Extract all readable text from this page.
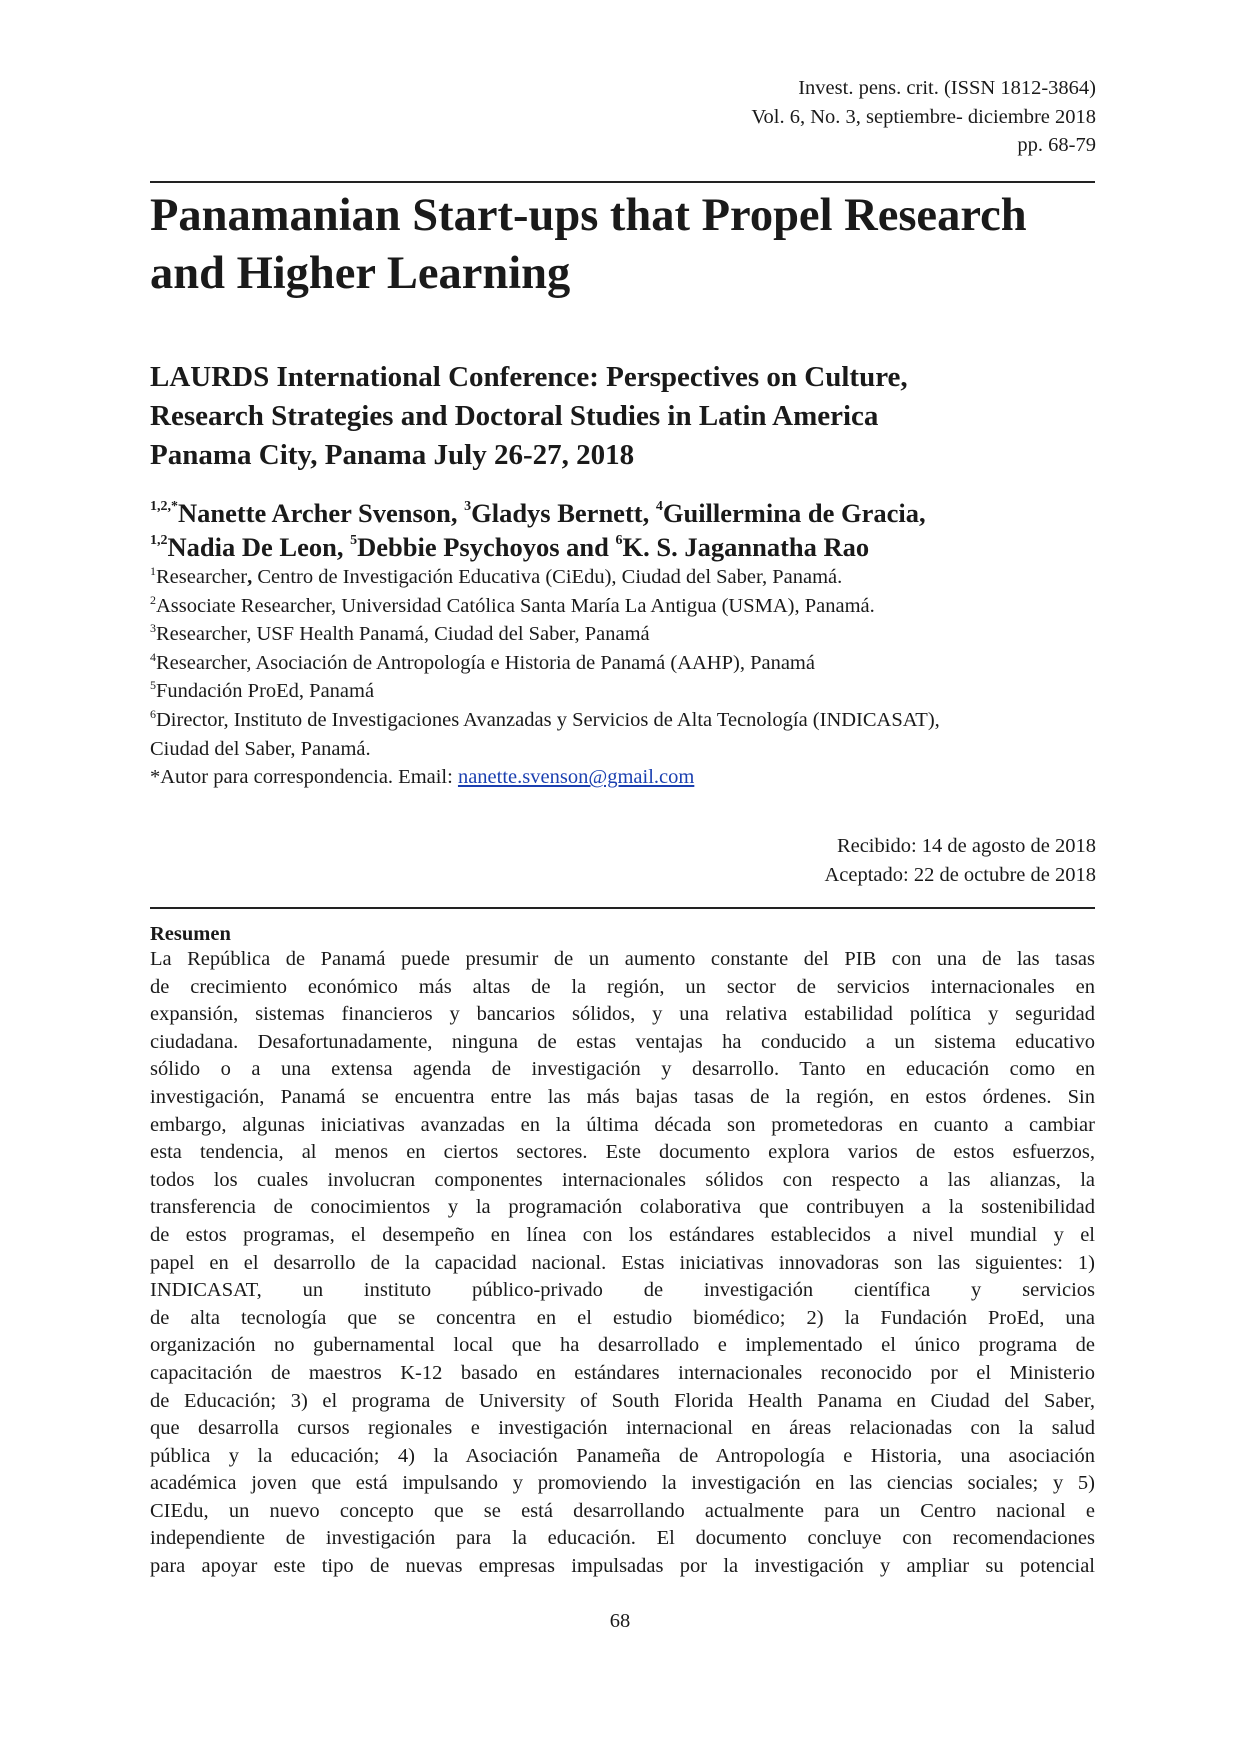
Invest. pens. crit. (ISSN 1812-3864)
Vol. 6, No. 3, septiembre- diciembre 2018
pp. 68-79
Panamanian Start-ups that Propel Research
and Higher Learning
LAURDS International Conference: Perspectives on Culture,
Research Strategies and Doctoral Studies in Latin America
Panama City, Panama July 26-27, 2018
$^{1,2,*}$Nanette Archer Svenson, $^3$Gladys Bernett, $^4$Guillermina de Gracia,
$^{1,2}$Nadia De Leon, $^5$Debbie Psychoyos and $^6$K. S. Jagannatha Rao
$^1$Researcher, Centro de Investigación Educativa (CiEdu), Ciudad del Saber, Panamá.
$^2$Associate Researcher, Universidad Católica Santa María La Antigua (USMA), Panamá.
$^3$Researcher, USF Health Panamá, Ciudad del Saber, Panamá
$^4$Researcher, Asociación de Antropología e Historia de Panamá (AAHP), Panamá
$^5$Fundación ProEd, Panamá
$^6$Director, Instituto de Investigaciones Avanzadas y Servicios de Alta Tecnología (INDICASAT),
Ciudad del Saber, Panamá.
*Autor para correspondencia. Email: nanette.svenson@gmail.com
Recibido: 14 de agosto de 2018
Aceptado: 22 de octubre de 2018
Resumen
La República de Panamá puede presumir de un aumento constante del PIB con una de las tasas
de crecimiento económico más altas de la región, un sector de servicios internacionales en
expansión, sistemas financieros y bancarios sólidos, y una relativa estabilidad política y seguridad
ciudadana. Desafortunadamente, ninguna de estas ventajas ha conducido a un sistema educativo
sólido o a una extensa agenda de investigación y desarrollo. Tanto en educación como en
investigación, Panamá se encuentra entre las más bajas tasas de la región, en estos órdenes. Sin
embargo, algunas iniciativas avanzadas en la última década son prometedoras en cuanto a cambiar
esta tendencia, al menos en ciertos sectores. Este documento explora varios de estos esfuerzos,
todos los cuales involucran componentes internacionales sólidos con respecto a las alianzas, la
transferencia de conocimientos y la programación colaborativa que contribuyen a la sostenibilidad
de estos programas, el desempeño en línea con los estándares establecidos a nivel mundial y el
papel en el desarrollo de la capacidad nacional. Estas iniciativas innovadoras son las siguientes: 1)
INDICASAT, un instituto público-privado de investigación científica y servicios
de alta tecnología que se concentra en el estudio biomédico; 2) la Fundación ProEd, una
organización no gubernamental local que ha desarrollado e implementado el único programa de
capacitación de maestros K-12 basado en estándares internacionales reconocido por el Ministerio
de Educación; 3) el programa de University of South Florida Health Panama en Ciudad del Saber,
que desarrolla cursos regionales e investigación internacional en áreas relacionadas con la salud
pública y la educación; 4) la Asociación Panameña de Antropología e Historia, una asociación
académica joven que está impulsando y promoviendo la investigación en las ciencias sociales; y 5)
CIEdu, un nuevo concepto que se está desarrollando actualmente para un Centro nacional e
independiente de investigación para la educación. El documento concluye con recomendaciones
para apoyar este tipo de nuevas empresas impulsadas por la investigación y ampliar su potencial
68
